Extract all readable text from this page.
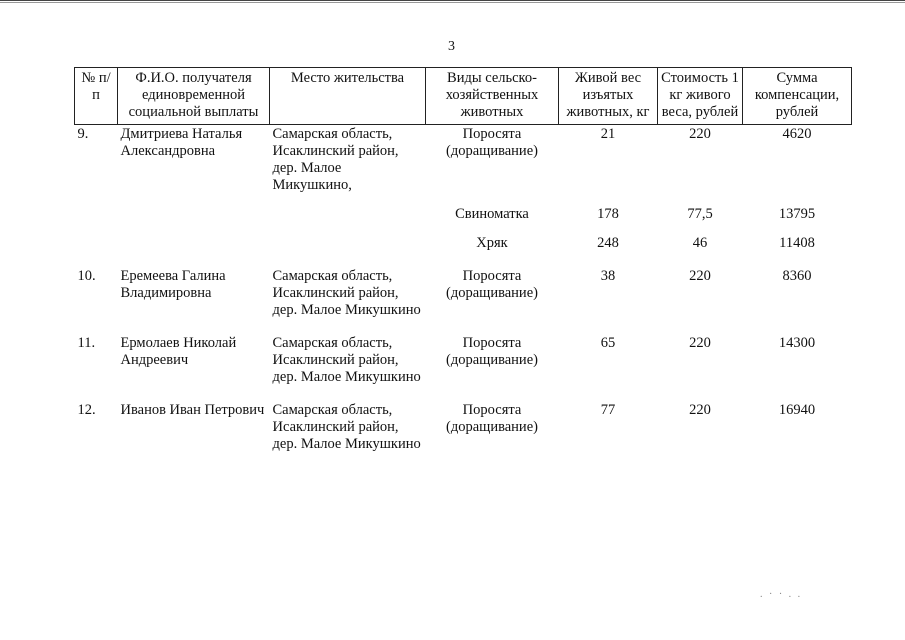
3
№ п/п	Ф.И.О. получателя единовременной социальной выплаты	Место жительства	Виды сельско-хозяйственных животных	Живой вес изъятых животных, кг	Стоимость 1 кг живого веса, рублей	Сумма компенсации, рублей
9.	Дмитриева Наталья Александровна	Самарская область, Исаклинский район, дер. Малое Микушкино,	Поросята (доращивание)	21	220	4620
			Свиноматка	178	77,5	13795
			Хряк	248	46	11408
10.	Еремеева Галина Владимировна	Самарская область, Исаклинский район, дер. Малое Микушкино	Поросята (доращивание)	38	220	8360
11.	Ермолаев Николай Андреевич	Самарская область, Исаклинский район, дер. Малое Микушкино	Поросята (доращивание)	65	220	14300
12.	Иванов Иван Петрович	Самарская область, Исаклинский район, дер. Малое Микушкино	Поросята (доращивание)	77	220	16940
. · · . .
